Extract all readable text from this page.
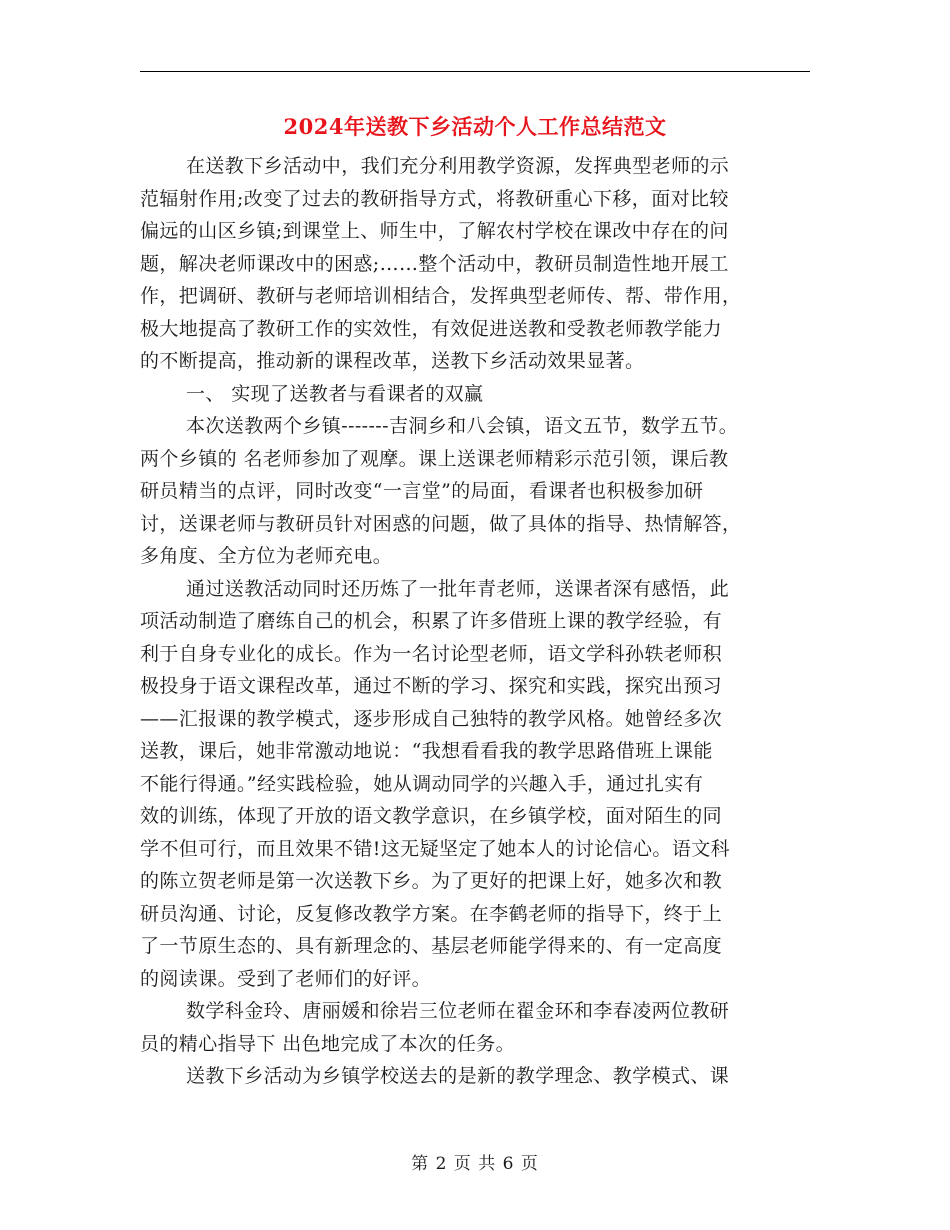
2024年送教下乡活动个人工作总结范文
在送教下乡活动中，我们充分利用教学资源，发挥典型老师的示
范辐射作用;改变了过去的教研指导方式，将教研重心下移，面对比较
偏远的山区乡镇;到课堂上、师生中，了解农村学校在课改中存在的问
题，解决老师课改中的困惑;……整个活动中，教研员制造性地开展工
作，把调研、教研与老师培训相结合，发挥典型老师传、帮、带作用，
极大地提高了教研工作的实效性，有效促进送教和受教老师教学能力
的不断提高，推动新的课程改革，送教下乡活动效果显著。
一、 实现了送教者与看课者的双赢
本次送教两个乡镇-------吉洞乡和八会镇，语文五节，数学五节。
两个乡镇的 名老师参加了观摩。课上送课老师精彩示范引领，课后教
研员精当的点评，同时改变“一言堂”的局面，看课者也积极参加研
讨，送课老师与教研员针对困惑的问题，做了具体的指导、热情解答，
多角度、全方位为老师充电。
通过送教活动同时还历炼了一批年青老师，送课者深有感悟，此
项活动制造了磨练自己的机会，积累了许多借班上课的教学经验，有
利于自身专业化的成长。作为一名讨论型老师，语文学科孙轶老师积
极投身于语文课程改革，通过不断的学习、探究和实践，探究出预习
——汇报课的教学模式，逐步形成自己独特的教学风格。她曾经多次
送教，课后，她非常激动地说：“我想看看我的教学思路借班上课能
不能行得通。”经实践检验，她从调动同学的兴趣入手，通过扎实有
效的训练，体现了开放的语文教学意识，在乡镇学校，面对陌生的同
学不但可行，而且效果不错!这无疑坚定了她本人的讨论信心。语文科
的陈立贺老师是第一次送教下乡。为了更好的把课上好，她多次和教
研员沟通、讨论，反复修改教学方案。在李鹤老师的指导下，终于上
了一节原生态的、具有新理念的、基层老师能学得来的、有一定高度
的阅读课。受到了老师们的好评。
数学科金玲、唐丽媛和徐岩三位老师在翟金环和李春凌两位教研
员的精心指导下 出色地完成了本次的任务。
送教下乡活动为乡镇学校送去的是新的教学理念、教学模式、课
第 2 页 共 6 页
